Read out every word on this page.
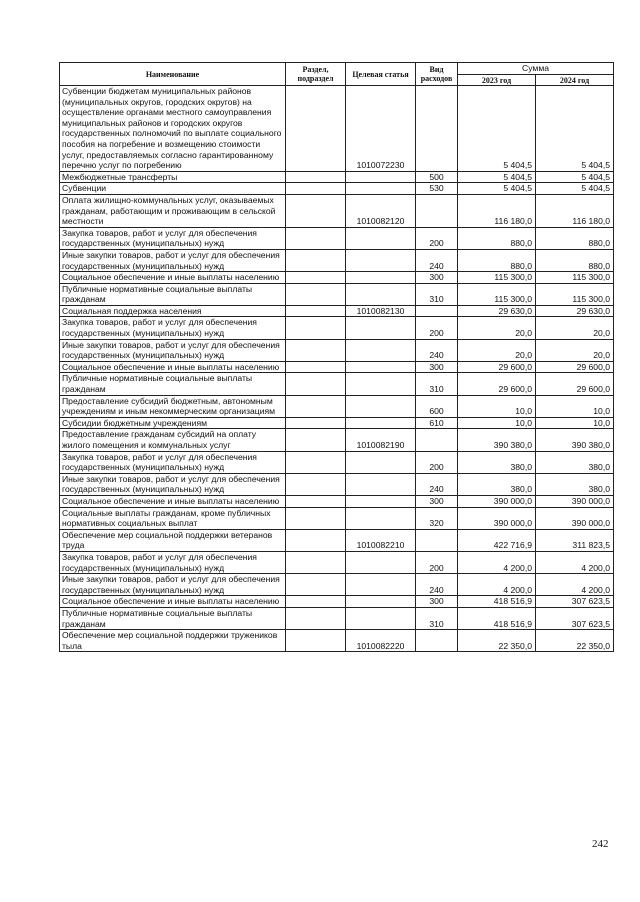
Наименование	Раздел, подраздел	Целевая статья	Вид расходов	Сумма	
				2023 год	2024 год
Субвенции бюджетам муниципальных районов (муниципальных округов, городских округов) на осуществление органами местного самоуправления муниципальных районов и городских округов государственных полномочий по выплате социального пособия на погребение и возмещению стоимости услуг, предоставляемых согласно гарантированному перечню услуг по погребению		1010072230		5 404,5	5 404,5
Межбюджетные трансферты			500	5 404,5	5 404,5
Субвенции			530	5 404,5	5 404,5
Оплата жилищно-коммунальных услуг, оказываемых гражданам, работающим и проживающим в сельской местности		1010082120		116 180,0	116 180,0
Закупка товаров, работ и услуг для обеспечения государственных (муниципальных) нужд			200	880,0	880,0
Иные закупки товаров, работ и услуг для обеспечения государственных (муниципальных) нужд			240	880,0	880,0
Социальное обеспечение и иные выплаты населению			300	115 300,0	115 300,0
Публичные нормативные социальные выплаты гражданам			310	115 300,0	115 300,0
Социальная поддержка населения		1010082130		29 630,0	29 630,0
Закупка товаров, работ и услуг для обеспечения государственных (муниципальных) нужд			200	20,0	20,0
Иные закупки товаров, работ и услуг для обеспечения государственных (муниципальных) нужд			240	20,0	20,0
Социальное обеспечение и иные выплаты населению			300	29 600,0	29 600,0
Публичные нормативные социальные выплаты гражданам			310	29 600,0	29 600,0
Предоставление субсидий бюджетным, автономным учреждениям и иным некоммерческим организациям			600	10,0	10,0
Субсидии бюджетным учреждениям			610	10,0	10,0
Предоставление гражданам субсидий на оплату жилого помещения и коммунальных услуг		1010082190		390 380,0	390 380,0
Закупка товаров, работ и услуг для обеспечения государственных (муниципальных) нужд			200	380,0	380,0
Иные закупки товаров, работ и услуг для обеспечения государственных (муниципальных) нужд			240	380,0	380,0
Социальное обеспечение и иные выплаты населению			300	390 000,0	390 000,0
Социальные выплаты гражданам, кроме публичных нормативных социальных выплат			320	390 000,0	390 000,0
Обеспечение мер социальной поддержки ветеранов труда		1010082210		422 716,9	311 823,5
Закупка товаров, работ и услуг для обеспечения государственных (муниципальных) нужд			200	4 200,0	4 200,0
Иные закупки товаров, работ и услуг для обеспечения государственных (муниципальных) нужд			240	4 200,0	4 200,0
Социальное обеспечение и иные выплаты населению			300	418 516,9	307 623,5
Публичные нормативные социальные выплаты гражданам			310	418 516,9	307 623,5
Обеспечение мер социальной поддержки тружеников тыла		1010082220		22 350,0	22 350,0
242
